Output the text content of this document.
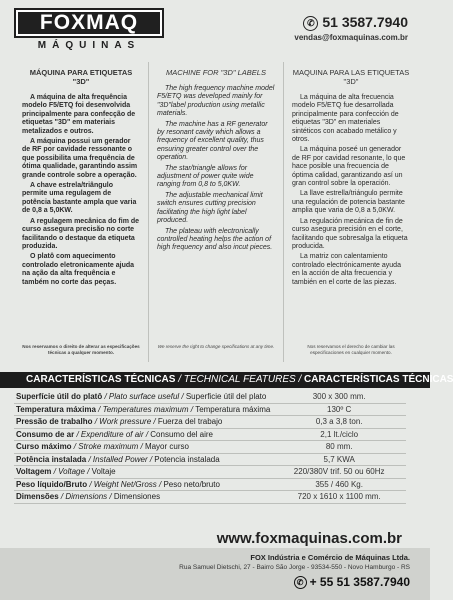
FOXMAQ
MÁQUINAS
✆ 51 3587.7940
vendas@foxmaquinas.com.br
MÁQUINA PARA ETIQUETAS "3D"

A máquina de alta frequência modelo F5/ETQ foi desenvolvida principalmente para confecção de etiquetas "3D" em materiais metalizados e outros.

A máquina possui um gerador de RF por cavidade ressonante o que possibilita uma frequência de ótima qualidade, garantindo assim grande controle sobre a operação.

A chave estrela/triângulo permite uma regulagem de potência bastante ampla que varia de 0,8 a 5,0KW.

A regulagem mecânica do fim de curso assegura precisão no corte facilitando o destaque da etiqueta produzida.

O platô com aquecimento controlado eletronicamente ajuda na ação da alta frequência e também no corte das peças.

Nos reservamos o direito de alterar as especificações técnicas a qualquer momento.
MACHINE FOR "3D" LABELS

The high frequency machine model F5/ETQ was developed mainly for "3D"label production using metallic materials.

The machine has a RF generator by resonant cavity which allows a frequency of excellent quality, thus ensuring greater control over the operation.

The star/triangle allows for adjustment of power quite wide ranging from 0,8 to 5,0KW.

The adjustable mechanical limit switch ensures cutting precision facilitating the high light label produced.

The plateau with electronically controlled heating helps the action of high frequency and also incut pieces.

We reserve the right to change specifications at any time.
MAQUINA PARA LAS ETIQUETAS "3D"

La máquina de alta frecuencia modelo F5/ETQ fue desarrollada principalmente para confección de etiquetas "3D" en materiales sintéticos con acabado metálico y otros.

La máquina poseé un generador de RF por cavidad resonante, lo que hace posible una frecuencia de óptima calidad, garantizando así un gran control sobre la operación.

La llave estrella/triángulo permite una regulación de potencia bastante amplia que varia de 0,8 a 5,0KW.

La regulación mecánica de fin de curso asegura precisión en el corte, facilitando que sobresalga la etiqueta producida.

La matriz con calentamiento controlado electrónicamente ayuda en la acción de alta frecuencia y también en el corte de las piezas.

Nos reservamos el derecho de cambiar las especificaciones en cualquier momento.
CARACTERÍSTICAS TÉCNICAS / TECHNICAL FEATURES / CARACTERÍSTICAS TÉCNICAS
Superfície útil do platô / Plato surface useful / Superficie útil del plato	300 x 300 mm.
Temperatura máxima / Temperatures maximum / Temperatura máxima	130º C
Pressão de trabalho / Work pressure / Fuerza del trabajo	0,3 a 3,8 ton.
Consumo de ar / Expenditure of air / Consumo del aire	2,1 lt./ciclo
Curso máximo / Stroke maximum / Mayor curso	80 mm.
Potência instalada / Installed Power / Potencia instalada	5,7 KWA
Voltagem / Voltage / Voltaje	220/380V trif. 50 ou 60Hz
Peso líquido/Bruto / Weight Net/Gross / Peso neto/bruto	355 / 460 Kg.
Dimensões / Dimensions / Dimensiones	720 x 1610 x 1100 mm.
www.foxmaquinas.com.br
FOX Indústria e Comércio de Máquinas Ltda.
Rua Samuel Dietschi, 27 - Bairro São Jorge - 93534-550 - Novo Hamburgo - RS
✆ + 55 51 3587.7940
